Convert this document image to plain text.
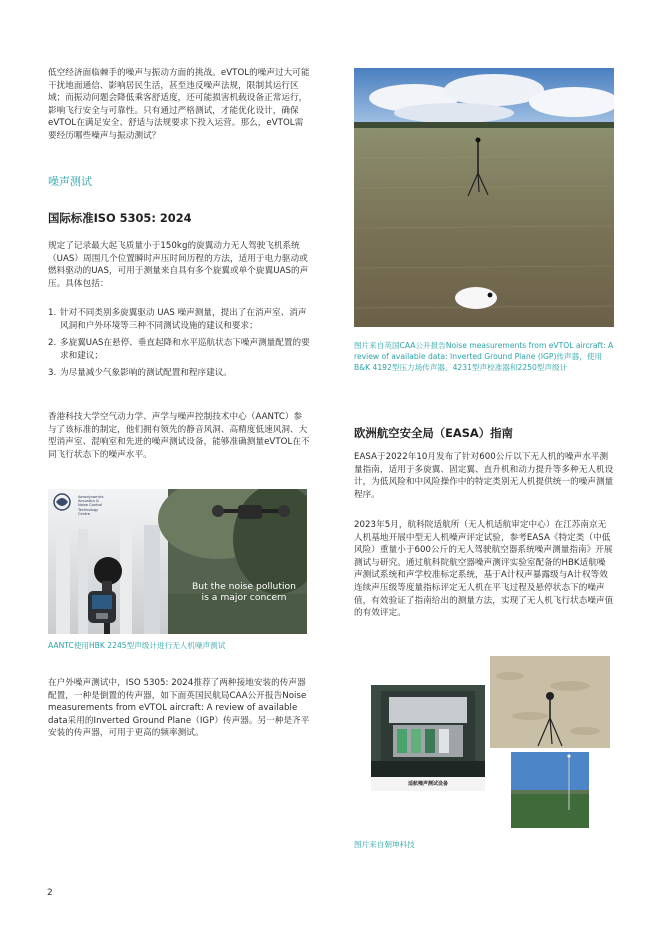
低空经济面临棘手的噪声与振动方面的挑战。eVTOL的噪声过大可能干扰地面通信、影响居民生活，甚至违反噪声法规，限制其运行区域；而振动问题会降低乘客舒适度，还可能损害机载设备正常运行，影响飞行安全与可靠性。只有通过严格测试，才能优化设计，确保eVTOL在满足安全、舒适与法规要求下投入运营。那么，eVTOL需要经历哪些噪声与振动测试？

噪声测试
国际标准ISO 5305: 2024

规定了记录最大起飞质量小于150kg的旋翼动力无人驾驶飞机系统（UAS）周围几个位置瞬时声压时间历程的方法，适用于电力驱动或燃料驱动的UAS，可用于测量来自具有多个旋翼或单个旋翼UAS的声压。具体包括：

1. 针对不同类别多旋翼驱动 UAS 噪声测量，提出了在消声室、消声风洞和户外环境等三种不同测试设施的建议和要求；
2. 多旋翼UAS在悬停、垂直起降和水平巡航状态下噪声测量配置的要求和建议；
3. 为尽量减少气象影响的测试配置和程序建议。

香港科技大学空气动力学、声学与噪声控制技术中心（AANTC）参与了该标准的制定，他们拥有领先的静音风洞、高精度低速风洞、大型消声室、混响室和先进的噪声测试设备，能够准确测量eVTOL在不同飞行状态下的噪声水平。

Aerodynamics
Acoustics &
Noise Control
Technology
Centre
But the noise pollution
is a major concern

AANTC使用HBK 2245型声级计进行无人机噪声测试

在户外噪声测试中，ISO 5305: 2024推荐了两种接地安装的传声器配置，一种是倒置的传声器，如下面英国民航局CAA公开报告Noise measurements from eVTOL aircraft: A review of available data采用的Inverted Ground Plane（IGP）传声器。另一种是齐平安装的传声器，可用于更高的频率测试。

图片来自英国CAA公开报告Noise measurements from eVTOL aircraft: A review of available data: Inverted Ground Plane (IGP)传声器，使用B&K 4192型压力场传声器、4231型声校准器和2250型声级计

欧洲航空安全局（EASA）指南

EASA于2022年10月发布了针对600公斤以下无人机的噪声水平测量指南，适用于多旋翼、固定翼、直升机和动力提升等多种无人机设计，为低风险和中风险操作中的特定类别无人机提供统一的噪声测量程序。

2023年5月，航科院适航所（无人机适航审定中心）在江苏南京无人机基地开展中型无人机噪声评定试验，参考EASA《特定类（中低风险）重量小于600公斤的无人驾驶航空器系统噪声测量指南》开展测试与研究。通过航科院航空器噪声测评实验室配备的HBK适航噪声测试系统和声学校准标定系统，基于A计权声暴露级与A计权等效连续声压级等度量指标评定无人机在平飞过程及悬停状态下的噪声值，有效验证了指南给出的测量方法，实现了无人机飞行状态噪声值的有效评定。

适航噪声测试设备

图片来自朝坤科技

2
